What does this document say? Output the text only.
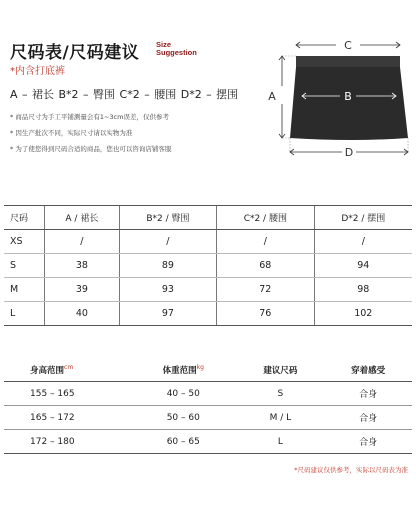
尺码表/尺码建议 Size
Suggestion
*内含打底裤
A – 裙长 B*2 – 臀围 C*2 – 腰围 D*2 – 摆围
* 商品尺寸为手工平铺测量会有1~3cm误差，仅供参考
* 因生产批次不同，实际尺寸请以实物为准
* 为了使您得到尺码合适的商品，您也可以咨询店铺客服
C
A	B
D
尺码	A / 裙长	B*2 / 臀围	C*2 / 腰围	D*2 / 摆围
XS	/	/	/	/
S	38	89	68	94
M	39	93	72	98
L	40	97	76	102
身高范围$^{cm}$	体重范围$^{kg}$	建议尺码	穿着感受
155 – 165	40 – 50	S	合身
165 – 172	50 – 60	M / L	合身
172 – 180	60 – 65	L	合身
*尺码建议仅供参考，实际以尺码表为准
